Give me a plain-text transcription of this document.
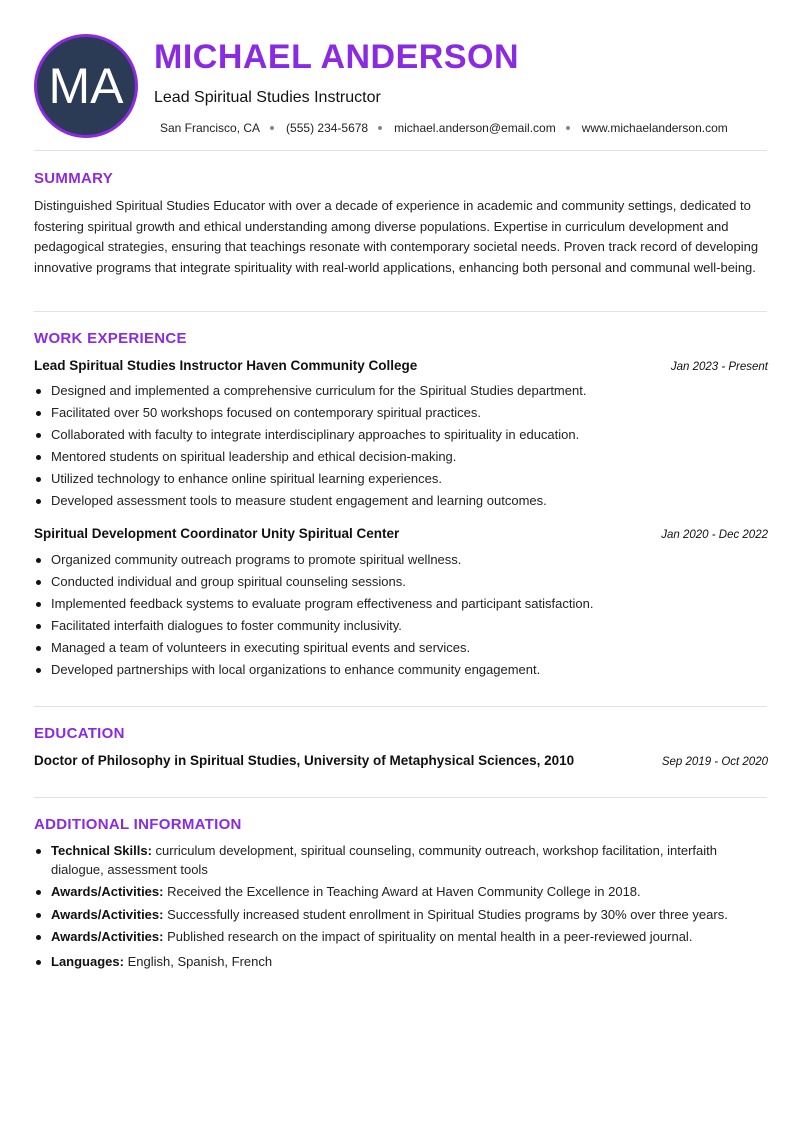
MA
MICHAEL ANDERSON
Lead Spiritual Studies Instructor
San Francisco, CA (555) 234-5678 michael.anderson@email.com www.michaelanderson.com
SUMMARY

Distinguished Spiritual Studies Educator with over a decade of experience in academic and community settings, dedicated to fostering spiritual growth and ethical understanding among diverse populations. Expertise in curriculum development and pedagogical strategies, ensuring that teachings resonate with contemporary societal needs. Proven track record of developing innovative programs that integrate spirituality with real-world applications, enhancing both personal and communal well-being.

WORK EXPERIENCE
Lead Spiritual Studies Instructor Haven Community College	Jan 2023 - Present
Designed and implemented a comprehensive curriculum for the Spiritual Studies department.
Facilitated over 50 workshops focused on contemporary spiritual practices.
Collaborated with faculty to integrate interdisciplinary approaches to spirituality in education.
Mentored students on spiritual leadership and ethical decision-making.
Utilized technology to enhance online spiritual learning experiences.
Developed assessment tools to measure student engagement and learning outcomes.
Spiritual Development Coordinator Unity Spiritual Center	Jan 2020 - Dec 2022
Organized community outreach programs to promote spiritual wellness.
Conducted individual and group spiritual counseling sessions.
Implemented feedback systems to evaluate program effectiveness and participant satisfaction.
Facilitated interfaith dialogues to foster community inclusivity.
Managed a team of volunteers in executing spiritual events and services.
Developed partnerships with local organizations to enhance community engagement.
EDUCATION
Doctor of Philosophy in Spiritual Studies, University of Metaphysical Sciences, 2010	Sep 2019 - Oct 2020
ADDITIONAL INFORMATION
Technical Skills: curriculum development, spiritual counseling, community outreach, workshop facilitation, interfaith dialogue, assessment tools
Awards/Activities: Received the Excellence in Teaching Award at Haven Community College in 2018.
Awards/Activities: Successfully increased student enrollment in Spiritual Studies programs by 30% over three years.
Awards/Activities: Published research on the impact of spirituality on mental health in a peer-reviewed journal.
Languages: English, Spanish, French
